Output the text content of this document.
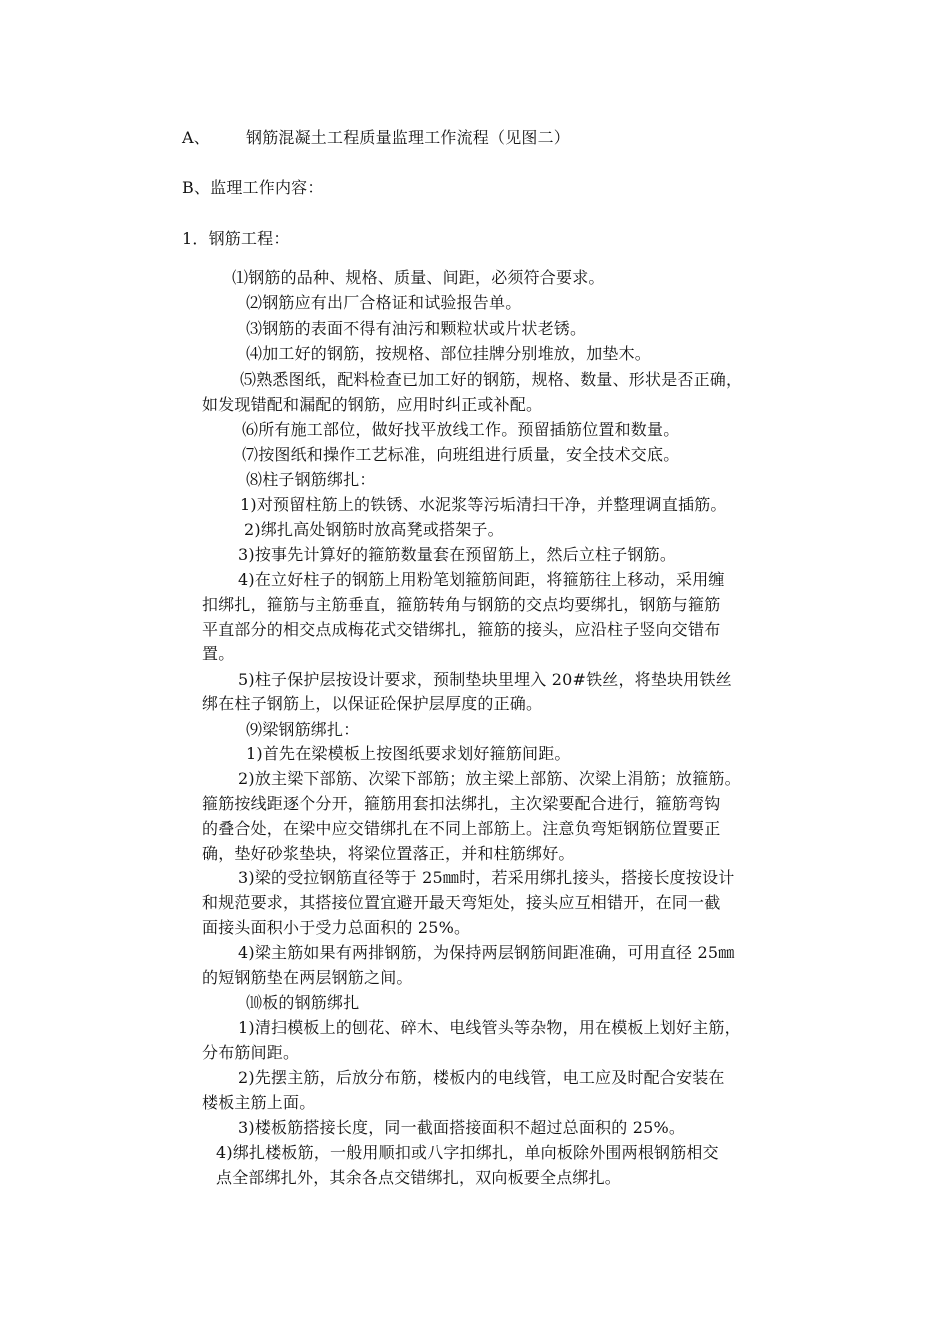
A、 钢筋混凝土工程质量监理工作流程（见图二）
B、监理工作内容：
1．钢筋工程：
⑴钢筋的品种、规格、质量、间距，必须符合要求。
⑵钢筋应有出厂合格证和试验报告单。
⑶钢筋的表面不得有油污和颗粒状或片状老锈。
⑷加工好的钢筋，按规格、部位挂牌分别堆放，加垫木。
⑸熟悉图纸，配料检查已加工好的钢筋，规格、数量、形状是否正确，
如发现错配和漏配的钢筋，应用时纠正或补配。
⑹所有施工部位，做好找平放线工作。预留插筋位置和数量。
⑺按图纸和操作工艺标准，向班组进行质量，安全技术交底。
⑻柱子钢筋绑扎：
1)对预留柱筋上的铁锈、水泥浆等污垢清扫干净，并整理调直插筋。
2)绑扎高处钢筋时放高凳或搭架子。
3)按事先计算好的箍筋数量套在预留筋上，然后立柱子钢筋。
4)在立好柱子的钢筋上用粉笔划箍筋间距，将箍筋往上移动，采用缠
扣绑扎，箍筋与主筋垂直，箍筋转角与钢筋的交点均要绑扎，钢筋与箍筋
平直部分的相交点成梅花式交错绑扎，箍筋的接头，应沿柱子竖向交错布
置。
5)柱子保护层按设计要求，预制垫块里埋入 20#铁丝，将垫块用铁丝
绑在柱子钢筋上，以保证砼保护层厚度的正确。
⑼梁钢筋绑扎：
1)首先在梁模板上按图纸要求划好箍筋间距。
2)放主梁下部筋、次梁下部筋；放主梁上部筋、次梁上涓筋；放箍筋。
箍筋按线距逐个分开，箍筋用套扣法绑扎，主次梁要配合进行，箍筋弯钩
的叠合处，在梁中应交错绑扎在不同上部筋上。注意负弯矩钢筋位置要正
确，垫好砂浆垫块，将梁位置落正，并和柱筋绑好。
3)梁的受拉钢筋直径等于 25㎜时，若采用绑扎接头，搭接长度按设计
和规范要求，其搭接位置宜避开最天弯矩处，接头应互相错开，在同一截
面接头面积小于受力总面积的 25%。
4)梁主筋如果有两排钢筋，为保持两层钢筋间距准确，可用直径 25㎜
的短钢筋垫在两层钢筋之间。
⑽板的钢筋绑扎
1)清扫模板上的刨花、碎木、电线管头等杂物，用在模板上划好主筋，
分布筋间距。
2)先摆主筋，后放分布筋，楼板内的电线管，电工应及时配合安装在
楼板主筋上面。
3)楼板筋搭接长度，同一截面搭接面积不超过总面积的 25%。
4)绑扎楼板筋，一般用顺扣或八字扣绑扎，单向板除外围两根钢筋相交
点全部绑扎外，其余各点交错绑扎，双向板要全点绑扎。
